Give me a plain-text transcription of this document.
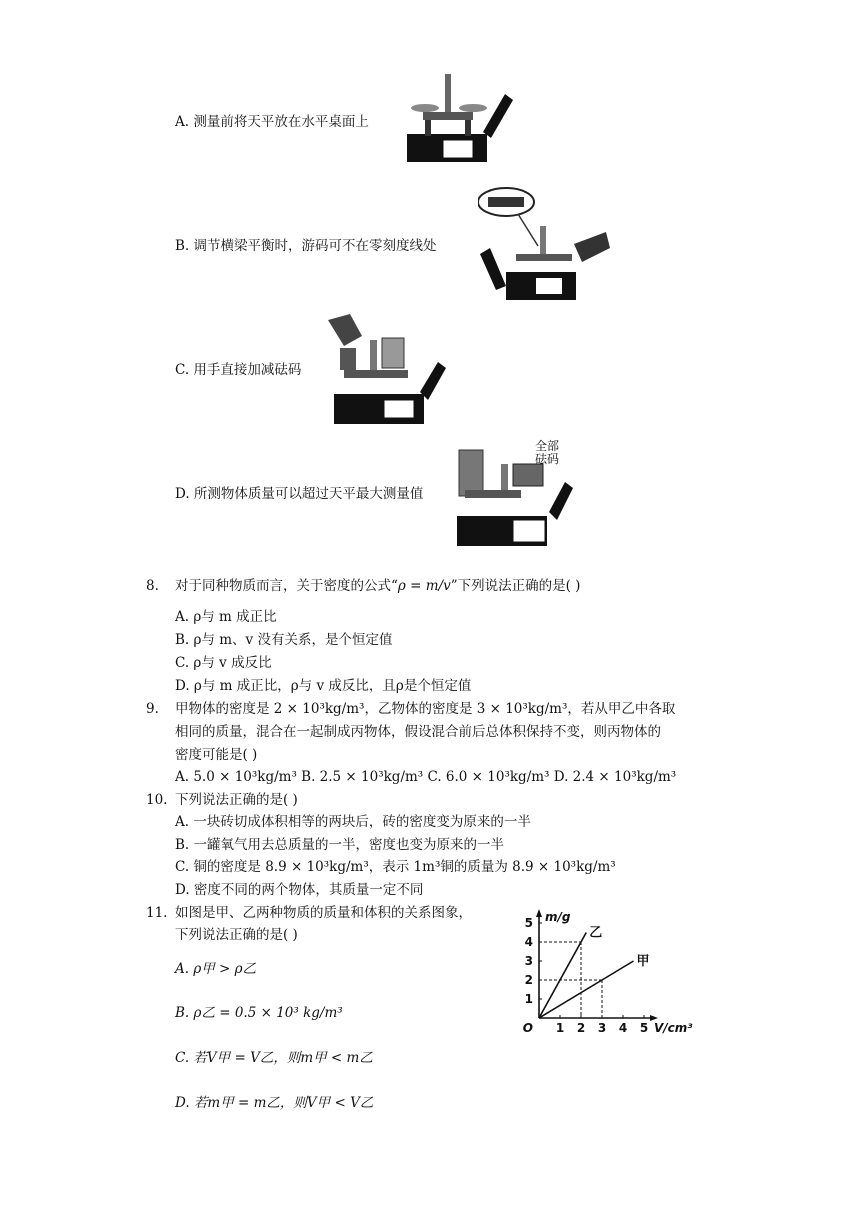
A. 测量前将天平放在水平桌面上
B. 调节横梁平衡时，游码可不在零刻度线处
C. 用手直接加减砝码
D. 所测物体质量可以超过天平最大测量值
全部砝码
8.	对于同种物质而言，关于密度的公式“ρ = m/v”下列说法正确的是( )
A. ρ与 m 成正比
B. ρ与 m、v 没有关系，是个恒定值
C. ρ与 v 成反比
D. ρ与 m 成正比，ρ与 v 成反比，且ρ是个恒定值
9.	甲物体的密度是 2 × 10³kg/m³，乙物体的密度是 3 × 10³kg/m³，若从甲乙中各取
相同的质量，混合在一起制成丙物体，假设混合前后总体积保持不变，则丙物体的
密度可能是( )
A. 5.0 × 10³kg/m³ B. 2.5 × 10³kg/m³ C. 6.0 × 10³kg/m³ D. 2.4 × 10³kg/m³
10. 下列说法正确的是( )
A. 一块砖切成体积相等的两块后，砖的密度变为原来的一半
B. 一罐氧气用去总质量的一半，密度也变为原来的一半
C. 铜的密度是 8.9 × 10³kg/m³，表示 1m³铜的质量为 8.9 × 10³kg/m³
D. 密度不同的两个物体，其质量一定不同
11. 如图是甲、乙两种物质的质量和体积的关系图象，
下列说法正确的是( )
A. ρ甲 > ρ乙
B. ρ乙 = 0.5 × 10³ kg/m³
C. 若V甲 = V乙，则m甲 < m乙
D. 若m甲 = m乙，则V甲 < V乙
1 2 3 4 5
1
2
3
4
5
O	V/cm³
m/g
乙
甲
